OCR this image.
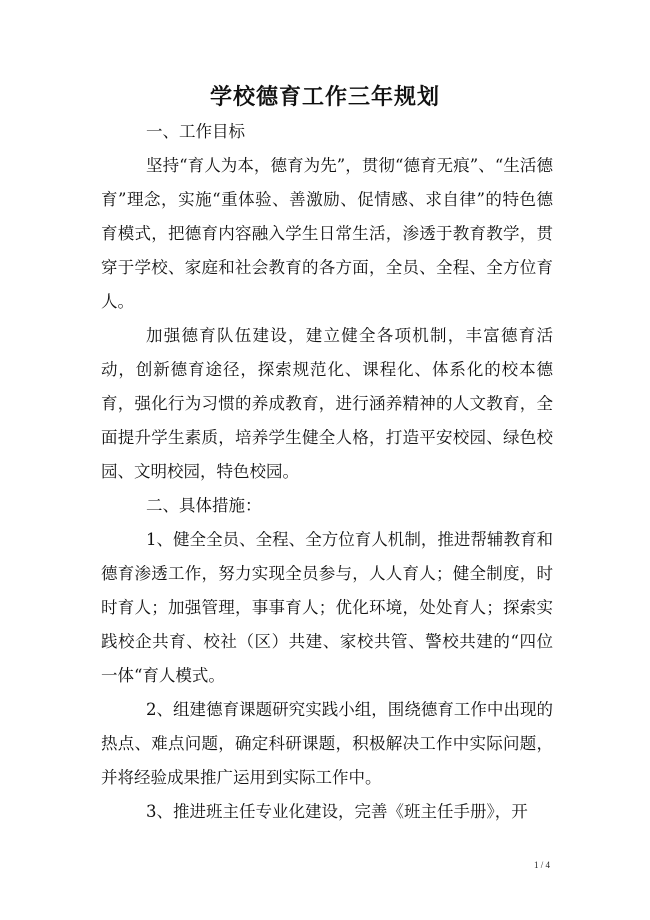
学校德育工作三年规划

一、工作目标

坚持“育人为本，德育为先”，贯彻“德育无痕”、“生活德育”理念，实施“重体验、善激励、促情感、求自律”的特色德育模式，把德育内容融入学生日常生活，渗透于教育教学，贯穿于学校、家庭和社会教育的各方面，全员、全程、全方位育人。

加强德育队伍建设，建立健全各项机制，丰富德育活动，创新德育途径，探索规范化、课程化、体系化的校本德育，强化行为习惯的养成教育，进行涵养精神的人文教育，全面提升学生素质，培养学生健全人格，打造平安校园、绿色校园、文明校园，特色校园。

二、具体措施：

1、健全全员、全程、全方位育人机制，推进帮辅教育和德育渗透工作，努力实现全员参与，人人育人；健全制度，时时育人；加强管理，事事育人；优化环境，处处育人；探索实践校企共育、校社（区）共建、家校共管、警校共建的“四位一体“育人模式。

2、组建德育课题研究实践小组，围绕德育工作中出现的热点、难点问题，确定科研课题，积极解决工作中实际问题，并将经验成果推广运用到实际工作中。

3、推进班主任专业化建设，完善《班主任手册》，开

1 / 4
